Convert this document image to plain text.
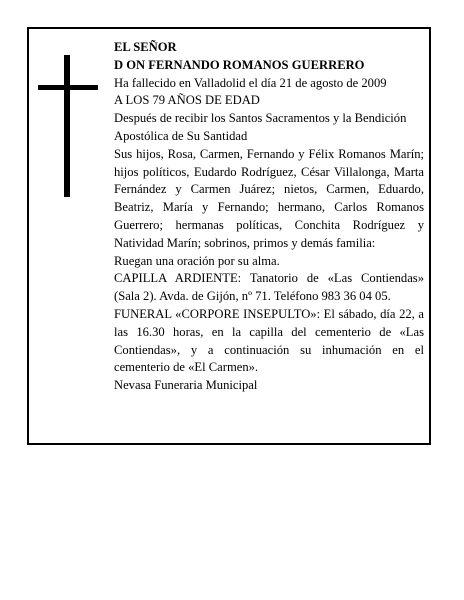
EL SEÑOR

D ON FERNANDO ROMANOS GUERRERO

Ha fallecido en Valladolid el día 21 de agosto de 2009

A LOS 79 AÑOS DE EDAD

Después de recibir los Santos Sacramentos y la Bendición Apostólica de Su Santidad

Sus hijos, Rosa, Carmen, Fernando y Félix Romanos Marín; hijos políticos, Eudardo Rodríguez, César Villalonga, Marta Fernández y Carmen Juárez; nietos, Carmen, Eduardo, Beatriz, María y Fernando; hermano, Carlos Romanos Guerrero; hermanas políticas, Conchita Rodríguez y Natividad Marín; sobrinos, primos y demás familia:

Ruegan una oración por su alma.

CAPILLA ARDIENTE: Tanatorio de «Las Contiendas» (Sala 2). Avda. de Gijón, nº 71. Teléfono 983 36 04 05.

FUNERAL «CORPORE INSEPULTO»: El sábado, día 22, a las 16.30 horas, en la capilla del cementerio de «Las Contiendas», y a continuación su inhumación en el cementerio de «El Carmen».

Nevasa Funeraria Municipal
